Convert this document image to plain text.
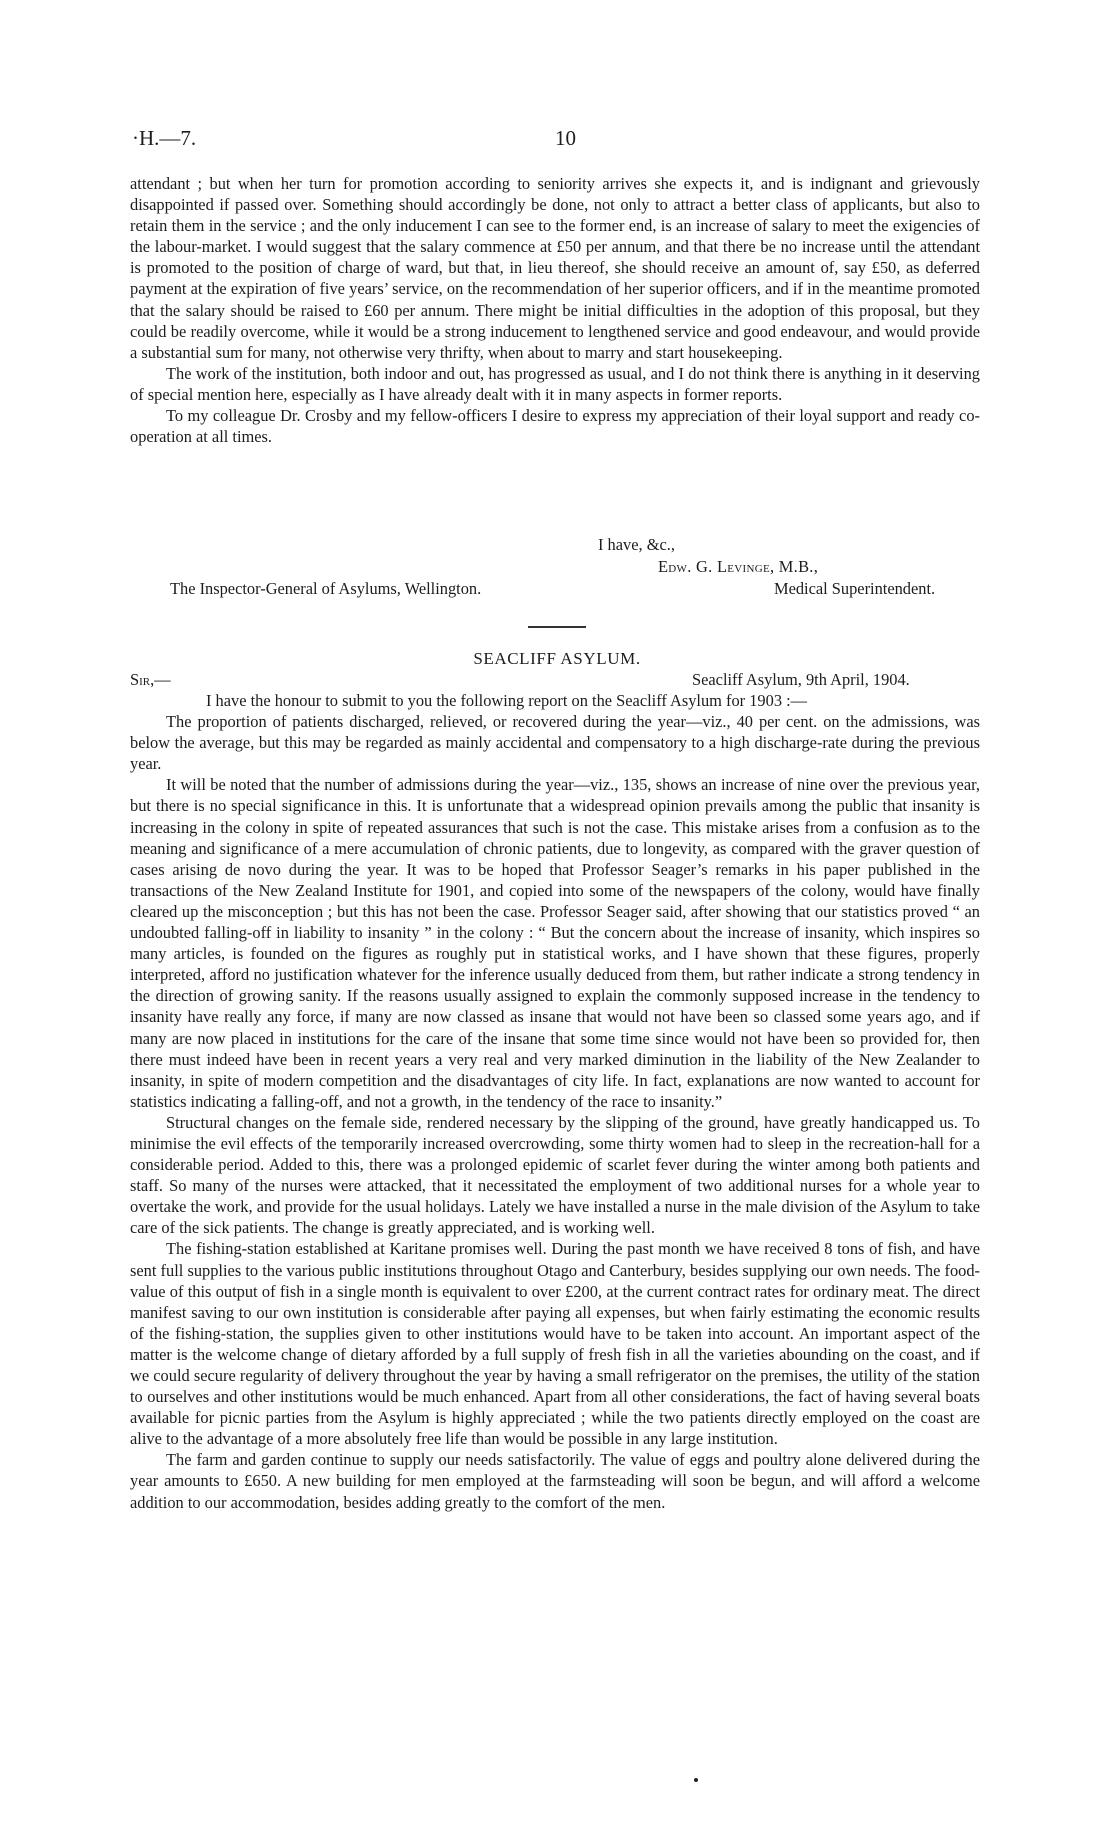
·H.—7.	10

attendant ; but when her turn for promotion according to seniority arrives she expects it, and is indignant and grievously disappointed if passed over. Something should accordingly be done, not only to attract a better class of applicants, but also to retain them in the service ; and the only inducement I can see to the former end, is an increase of salary to meet the exigencies of the labour-market. I would suggest that the salary commence at £50 per annum, and that there be no increase until the attendant is promoted to the position of charge of ward, but that, in lieu thereof, she should receive an amount of, say £50, as deferred payment at the expiration of five years’ service, on the recommendation of her superior officers, and if in the meantime promoted that the salary should be raised to £60 per annum. There might be initial difficulties in the adoption of this proposal, but they could be readily overcome, while it would be a strong inducement to lengthened service and good endeavour, and would provide a substantial sum for many, not otherwise very thrifty, when about to marry and start housekeeping.

The work of the institution, both indoor and out, has progressed as usual, and I do not think there is anything in it deserving of special mention here, especially as I have already dealt with it in many aspects in former reports.

To my colleague Dr. Crosby and my fellow-officers I desire to express my appreciation of their loyal support and ready co-operation at all times.

I have, &c.,
Edw. G. Levinge, M.B.,
The Inspector-General of Asylums, Wellington.	Medical Superintendent.
SEACLIFF ASYLUM.
Sir,—	Seacliff Asylum, 9th April, 1904.

I have the honour to submit to you the following report on the Seacliff Asylum for 1903 :—

The proportion of patients discharged, relieved, or recovered during the year—viz., 40 per cent. on the admissions, was below the average, but this may be regarded as mainly accidental and compensatory to a high discharge-rate during the previous year.

It will be noted that the number of admissions during the year—viz., 135, shows an increase of nine over the previous year, but there is no special significance in this. It is unfortunate that a widespread opinion prevails among the public that insanity is increasing in the colony in spite of repeated assurances that such is not the case. This mistake arises from a confusion as to the meaning and significance of a mere accumulation of chronic patients, due to longevity, as compared with the graver question of cases arising de novo during the year. It was to be hoped that Professor Seager’s remarks in his paper published in the transactions of the New Zealand Institute for 1901, and copied into some of the newspapers of the colony, would have finally cleared up the misconception ; but this has not been the case. Professor Seager said, after showing that our statistics proved “ an undoubted falling-off in liability to insanity ” in the colony : “ But the concern about the increase of insanity, which inspires so many articles, is founded on the figures as roughly put in statistical works, and I have shown that these figures, properly interpreted, afford no justification whatever for the inference usually deduced from them, but rather indicate a strong tendency in the direction of growing sanity. If the reasons usually assigned to explain the commonly supposed increase in the tendency to insanity have really any force, if many are now classed as insane that would not have been so classed some years ago, and if many are now placed in institutions for the care of the insane that some time since would not have been so provided for, then there must indeed have been in recent years a very real and very marked diminution in the liability of the New Zealander to insanity, in spite of modern competition and the disadvantages of city life. In fact, explanations are now wanted to account for statistics indicating a falling-off, and not a growth, in the tendency of the race to insanity.”

Structural changes on the female side, rendered necessary by the slipping of the ground, have greatly handicapped us. To minimise the evil effects of the temporarily increased overcrowding, some thirty women had to sleep in the recreation-hall for a considerable period. Added to this, there was a prolonged epidemic of scarlet fever during the winter among both patients and staff. So many of the nurses were attacked, that it necessitated the employment of two additional nurses for a whole year to overtake the work, and provide for the usual holidays. Lately we have installed a nurse in the male division of the Asylum to take care of the sick patients. The change is greatly appreciated, and is working well.

The fishing-station established at Karitane promises well. During the past month we have received 8 tons of fish, and have sent full supplies to the various public institutions throughout Otago and Canterbury, besides supplying our own needs. The food-value of this output of fish in a single month is equivalent to over £200, at the current contract rates for ordinary meat. The direct manifest saving to our own institution is considerable after paying all expenses, but when fairly estimating the economic results of the fishing-station, the supplies given to other institutions would have to be taken into account. An important aspect of the matter is the welcome change of dietary afforded by a full supply of fresh fish in all the varieties abounding on the coast, and if we could secure regularity of delivery throughout the year by having a small refrigerator on the premises, the utility of the station to ourselves and other institutions would be much enhanced. Apart from all other considerations, the fact of having several boats available for picnic parties from the Asylum is highly appreciated ; while the two patients directly employed on the coast are alive to the advantage of a more absolutely free life than would be possible in any large institution.

The farm and garden continue to supply our needs satisfactorily. The value of eggs and poultry alone delivered during the year amounts to £650. A new building for men employed at the farmsteading will soon be begun, and will afford a welcome addition to our accommodation, besides adding greatly to the comfort of the men.
